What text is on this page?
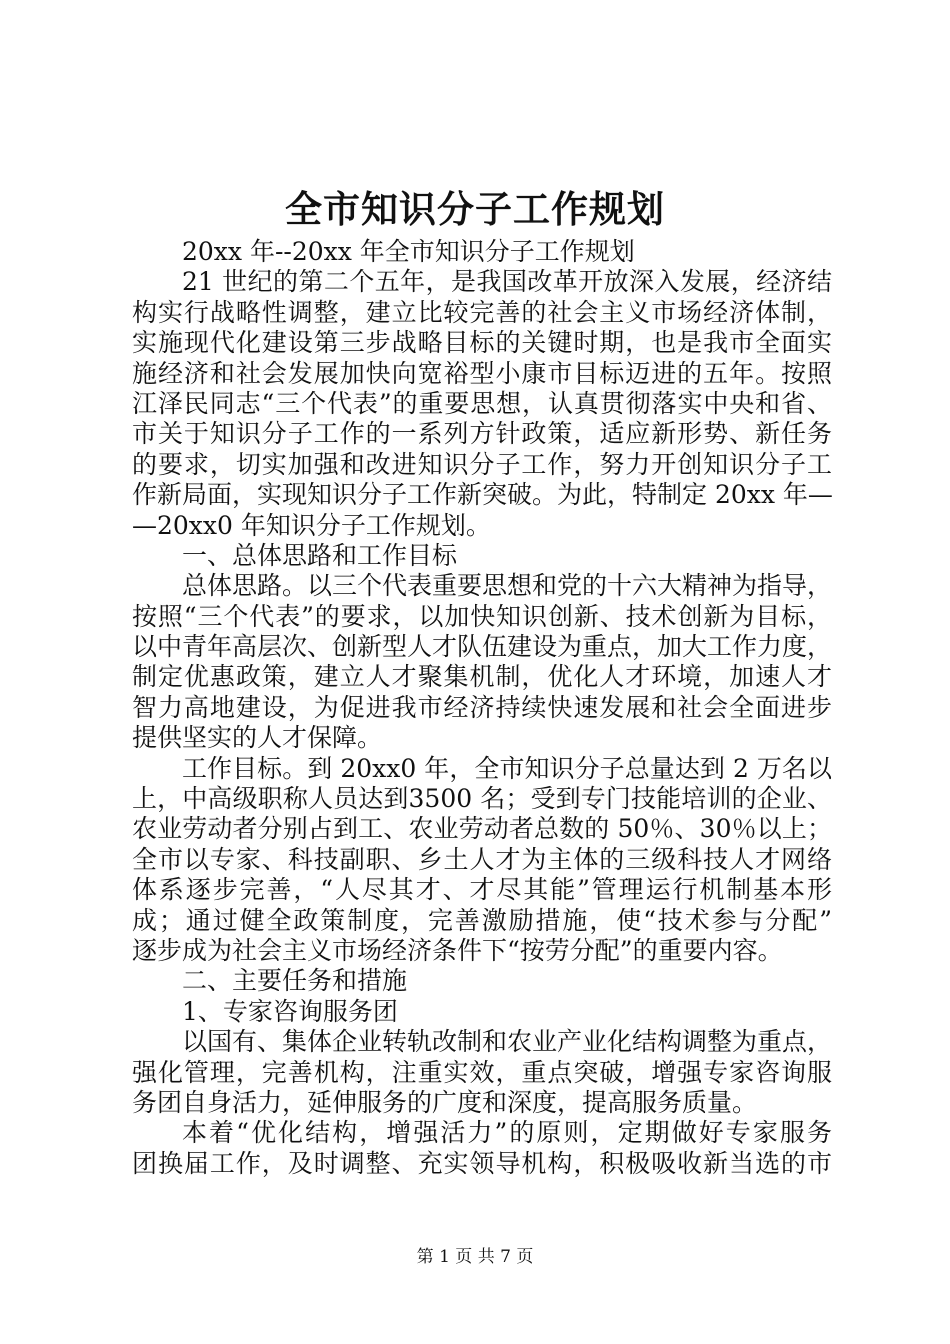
全市知识分子工作规划

20xx 年--20xx 年全市知识分子工作规划

21 世纪的第二个五年，是我国改革开放深入发展，经济结

构实行战略性调整，建立比较完善的社会主义市场经济体制，

实施现代化建设第三步战略目标的关键时期，也是我市全面实

施经济和社会发展加快向宽裕型小康市目标迈进的五年。按照

江泽民同志“三个代表”的重要思想，认真贯彻落实中央和省、

市关于知识分子工作的一系列方针政策，适应新形势、新任务

的要求，切实加强和改进知识分子工作，努力开创知识分子工

作新局面，实现知识分子工作新突破。为此，特制定 20xx 年—

—20xx0 年知识分子工作规划。

一、总体思路和工作目标

总体思路。以三个代表重要思想和党的十六大精神为指导，

按照“三个代表”的要求，以加快知识创新、技术创新为目标，

以中青年高层次、创新型人才队伍建设为重点，加大工作力度，

制定优惠政策，建立人才聚集机制，优化人才环境，加速人才

智力高地建设，为促进我市经济持续快速发展和社会全面进步

提供坚实的人才保障。

工作目标。到 20xx0 年，全市知识分子总量达到 2 万名以

上，中高级职称人员达到3500 名；受到专门技能培训的企业、

农业劳动者分别占到工、农业劳动者总数的 50％、30％以上；

全市以专家、科技副职、乡土人才为主体的三级科技人才网络

体系逐步完善，“人尽其才、才尽其能”管理运行机制基本形

成；通过健全政策制度，完善激励措施，使“技术参与分配”

逐步成为社会主义市场经济条件下“按劳分配”的重要内容。

二、主要任务和措施

1、专家咨询服务团

以国有、集体企业转轨改制和农业产业化结构调整为重点，

强化管理，完善机构，注重实效，重点突破，增强专家咨询服

务团自身活力，延伸服务的广度和深度，提高服务质量。

本着“优化结构，增强活力”的原则，定期做好专家服务

团换届工作，及时调整、充实领导机构，积极吸收新当选的市

第 1 页 共 7 页
